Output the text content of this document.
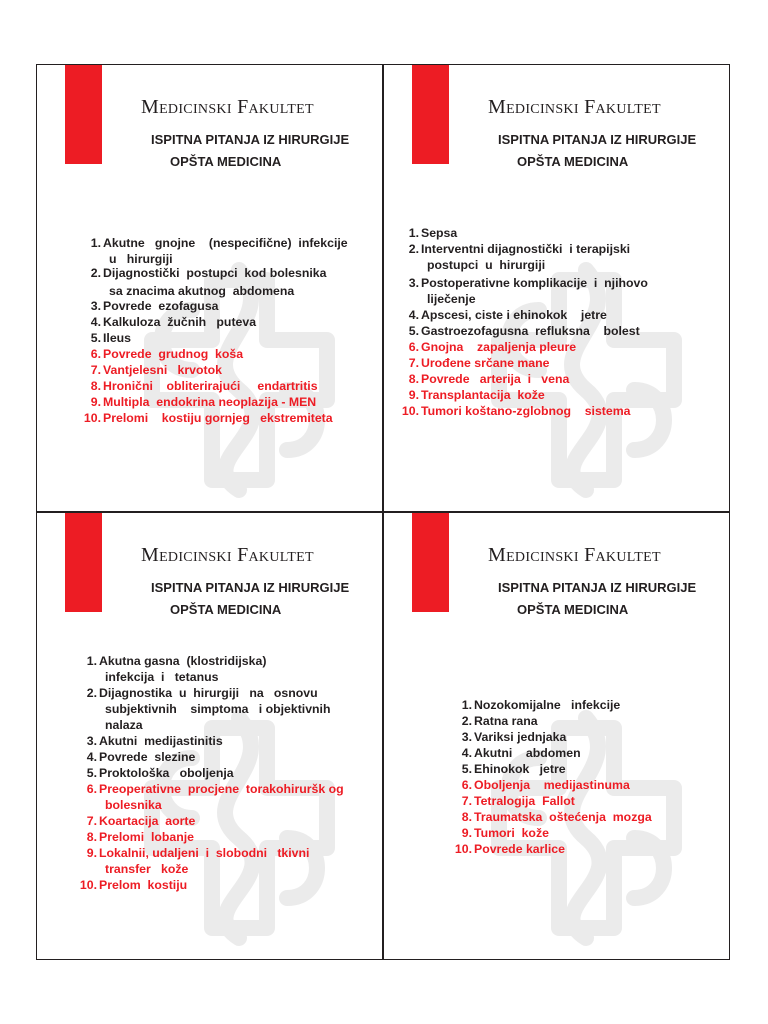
Medicinski Fakultet
ISPITNA PITANJA IZ HIRURGIJE
OPŠTA MEDICINA
1. Akutne   gnojne    (nespecifične)  infekcije
u   hirurgiji
2. Dijagnostički  postupci  kod bolesnika
sa znacima akutnog  abdomena
3. Povrede  ezofagusa
4. Kalkuloza  žučnih   puteva
5. Ileus
6. Povrede  grudnog  koša
7. Vantjelesni   krvotok
8. Hronični    obliterirajući     endartritis
9. Multipla  endokrina neoplazija - MEN
10. Prelomi    kostiju gornjeg   ekstremiteta
Medicinski Fakultet
ISPITNA PITANJA IZ HIRURGIJE
OPŠTA MEDICINA
1. Sepsa
2. Interventni dijagnostički  i terapijski
postupci  u  hirurgiji
3. Postoperativne komplikacije  i  njihovo
liječenje
4. Apscesi, ciste i ehinokok    jetre
5. Gastroezofagusna  refluksna    bolest
6. Gnojna    zapaljenja pleure
7. Urođene srčane mane
8. Povrede   arterija  i   vena
9. Transplantacija  kože
10. Tumori koštano-zglobnog    sistema
Medicinski Fakultet
ISPITNA PITANJA IZ HIRURGIJE
OPŠTA MEDICINA
1. Akutna gasna  (klostridijska)
infekcija  i   tetanus
2. Dijagnostika  u  hirurgiji   na   osnovu
subjektivnih    simptoma   i objektivnih
nalaza
3. Akutni  medijastinitis
4. Povrede  slezine
5. Proktološka   oboljenja
6. Preoperativne  procjene  torakohiruršk og
bolesnika
7. Koartacija  aorte
8. Prelomi  lobanje
9. Lokalnii, udaljeni  i  slobodni   tkivni
transfer   kože
10. Prelom  kostiju
Medicinski Fakultet
ISPITNA PITANJA IZ HIRURGIJE
OPŠTA MEDICINA
1. Nozokomijalne   infekcije
2. Ratna rana
3. Variksi jednjaka
4. Akutni    abdomen
5. Ehinokok   jetre
6. Oboljenja    medijastinuma
7. Tetralogija  Fallot
8. Traumatska  oštećenja  mozga
9. Tumori  kože
10. Povrede karlice
